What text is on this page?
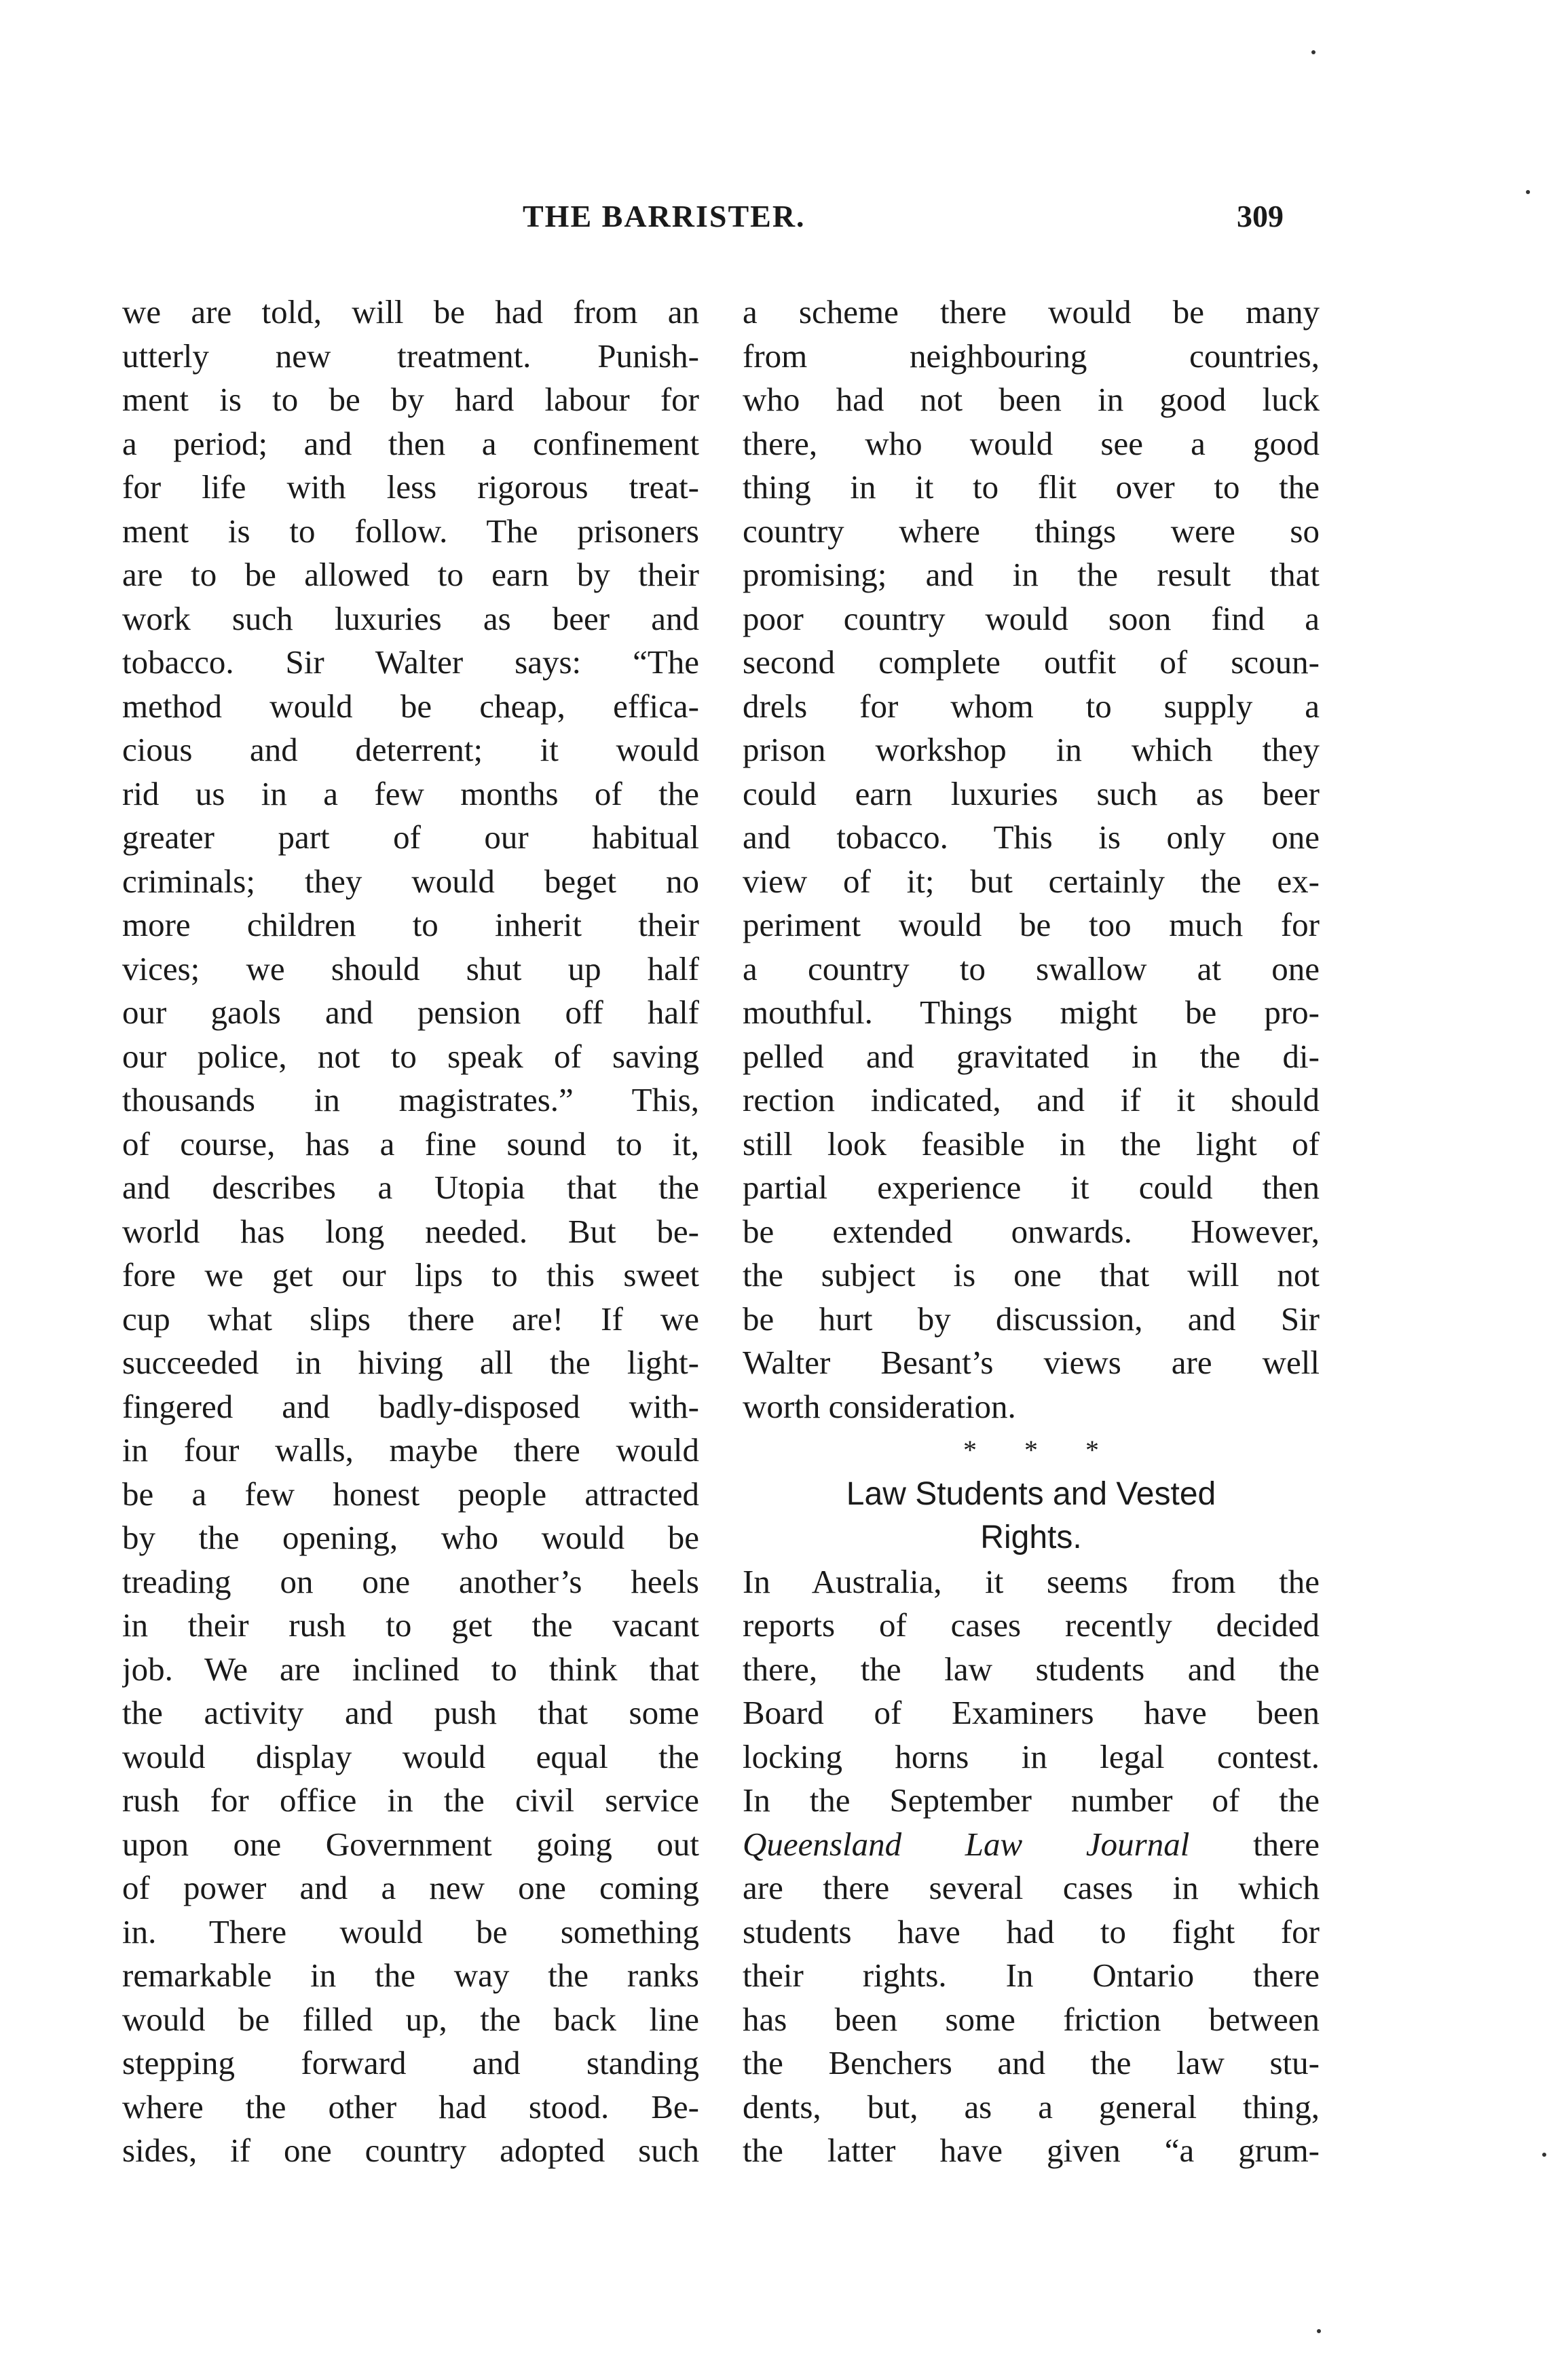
THE BARRISTER.	309
we are told, will be had from an
utterly new treatment. Punish-
ment is to be by hard labour for
a period; and then a confinement
for life with less rigorous treat-
ment is to follow. The prisoners
are to be allowed to earn by their
work such luxuries as beer and
tobacco. Sir Walter says: “The
method would be cheap, effica-
cious and deterrent; it would
rid us in a few months of the
greater part of our habitual
criminals; they would beget no
more children to inherit their
vices; we should shut up half
our gaols and pension off half
our police, not to speak of saving
thousands in magistrates.” This,
of course, has a fine sound to it,
and describes a Utopia that the
world has long needed. But be-
fore we get our lips to this sweet
cup what slips there are! If we
succeeded in hiving all the light-
fingered and badly-disposed with-
in four walls, maybe there would
be a few honest people attracted
by the opening, who would be
treading on one another’s heels
in their rush to get the vacant
job. We are inclined to think that
the activity and push that some
would display would equal the
rush for office in the civil service
upon one Government going out
of power and a new one coming
in. There would be something
remarkable in the way the ranks
would be filled up, the back line
stepping forward and standing
where the other had stood. Be-
sides, if one country adopted such
a scheme there would be many
from neighbouring countries,
who had not been in good luck
there, who would see a good
thing in it to flit over to the
country where things were so
promising; and in the result that
poor country would soon find a
second complete outfit of scoun-
drels for whom to supply a
prison workshop in which they
could earn luxuries such as beer
and tobacco. This is only one
view of it; but certainly the ex-
periment would be too much for
a country to swallow at one
mouthful. Things might be pro-
pelled and gravitated in the di-
rection indicated, and if it should
still look feasible in the light of
partial experience it could then
be extended onwards. However,
the subject is one that will not
be hurt by discussion, and Sir
Walter Besant’s views are well
worth consideration.
* * *
Law Students and Vested
Rights.
In Australia, it seems from the
reports of cases recently decided
there, the law students and the
Board of Examiners have been
locking horns in legal contest.
In the September number of the
Queensland Law Journal there
are there several cases in which
students have had to fight for
their rights. In Ontario there
has been some friction between
the Benchers and the law stu-
dents, but, as a general thing,
the latter have given “a grum-
